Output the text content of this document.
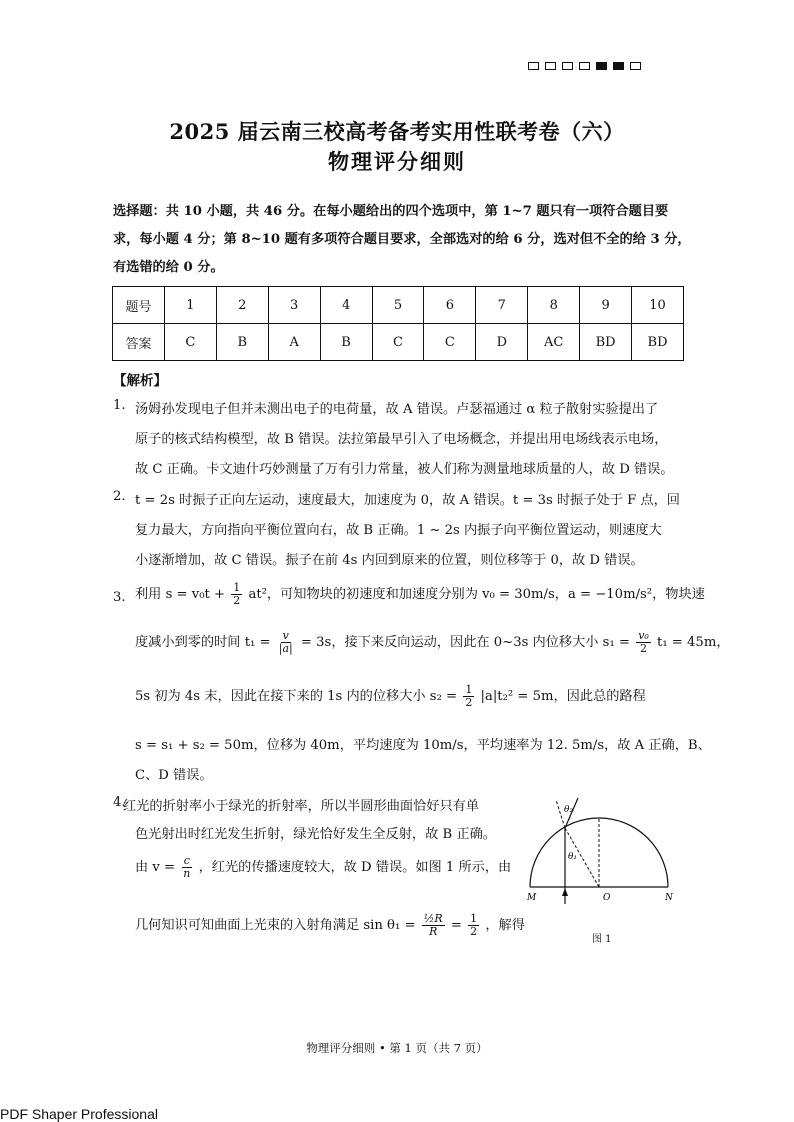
2025 届云南三校高考备考实用性联考卷（六）
物理评分细则
选择题：共 10 小题，共 46 分。在每小题给出的四个选项中，第 1~7 题只有一项符合题目要
求，每小题 4 分；第 8~10 题有多项符合题目要求，全部选对的给 6 分，选对但不全的给 3 分，
有选错的给 0 分。
题号	1	2	3	4	5	6	7	8	9	10
答案	C	B	A	B	C	C	D	AC	BD	BD
【解析】
1. 汤姆孙发现电子但并未测出电子的电荷量，故 A 错误。卢瑟福通过 α 粒子散射实验提出了
原子的核式结构模型，故 B 错误。法拉第最早引入了电场概念，并提出用电场线表示电场，
故 C 正确。卡文迪什巧妙测量了万有引力常量，被人们称为测量地球质量的人，故 D 错误。
2. t = 2s 时振子正向左运动，速度最大，加速度为 0，故 A 错误。t = 3s 时振子处于 F 点，回
复力最大，方向指向平衡位置向右，故 B 正确。1 ~ 2s 内振子向平衡位置运动，则速度大
小逐渐增加，故 C 错误。振子在前 4s 内回到原来的位置，则位移等于 0，故 D 错误。
3. 利用 $s = v_0t + \frac{1}{2} at^2$，可知物块的初速度和加速度分别为 v₀ = 30m/s，a = −10m/s²，物块速
度减小到零的时间 $t_1 = \frac{v}{|a|} = 3s$，接下来反向运动，因此在 0~3s 内位移大小 $s_1 = \frac{\text{v₀}}{2} t_1 = 45m$，
5s 初为 4s 末，因此在接下来的 1s 内的位移大小 $s_2 = \frac{1}{2} |a|t_2^2 = 5m$，因此总的路程
s = s₁ + s₂ = 50m，位移为 40m，平均速度为 10m/s，平均速率为 12. 5m/s，故 A 正确，B、
C、D 错误。
4.
红光的折射率小于绿光的折射率，所以半圆形曲面恰好只有单
色光射出时红光发生折射，绿光恰好发生全反射，故 B 正确。
由 $v = \frac{c}{n}$ ，红光的传播速度较大，故 D 错误。如图 1 所示，由
几何知识可知曲面上光束的入射角满足 $\sin \theta_1 = \frac{\text{½R}}{R} = \frac{1}{2}$ ，解得
θ₂
θ₁
M	O	N
图 1
物理评分细则 • 第 1 页（共 7 页）
PDF Shaper Professional
